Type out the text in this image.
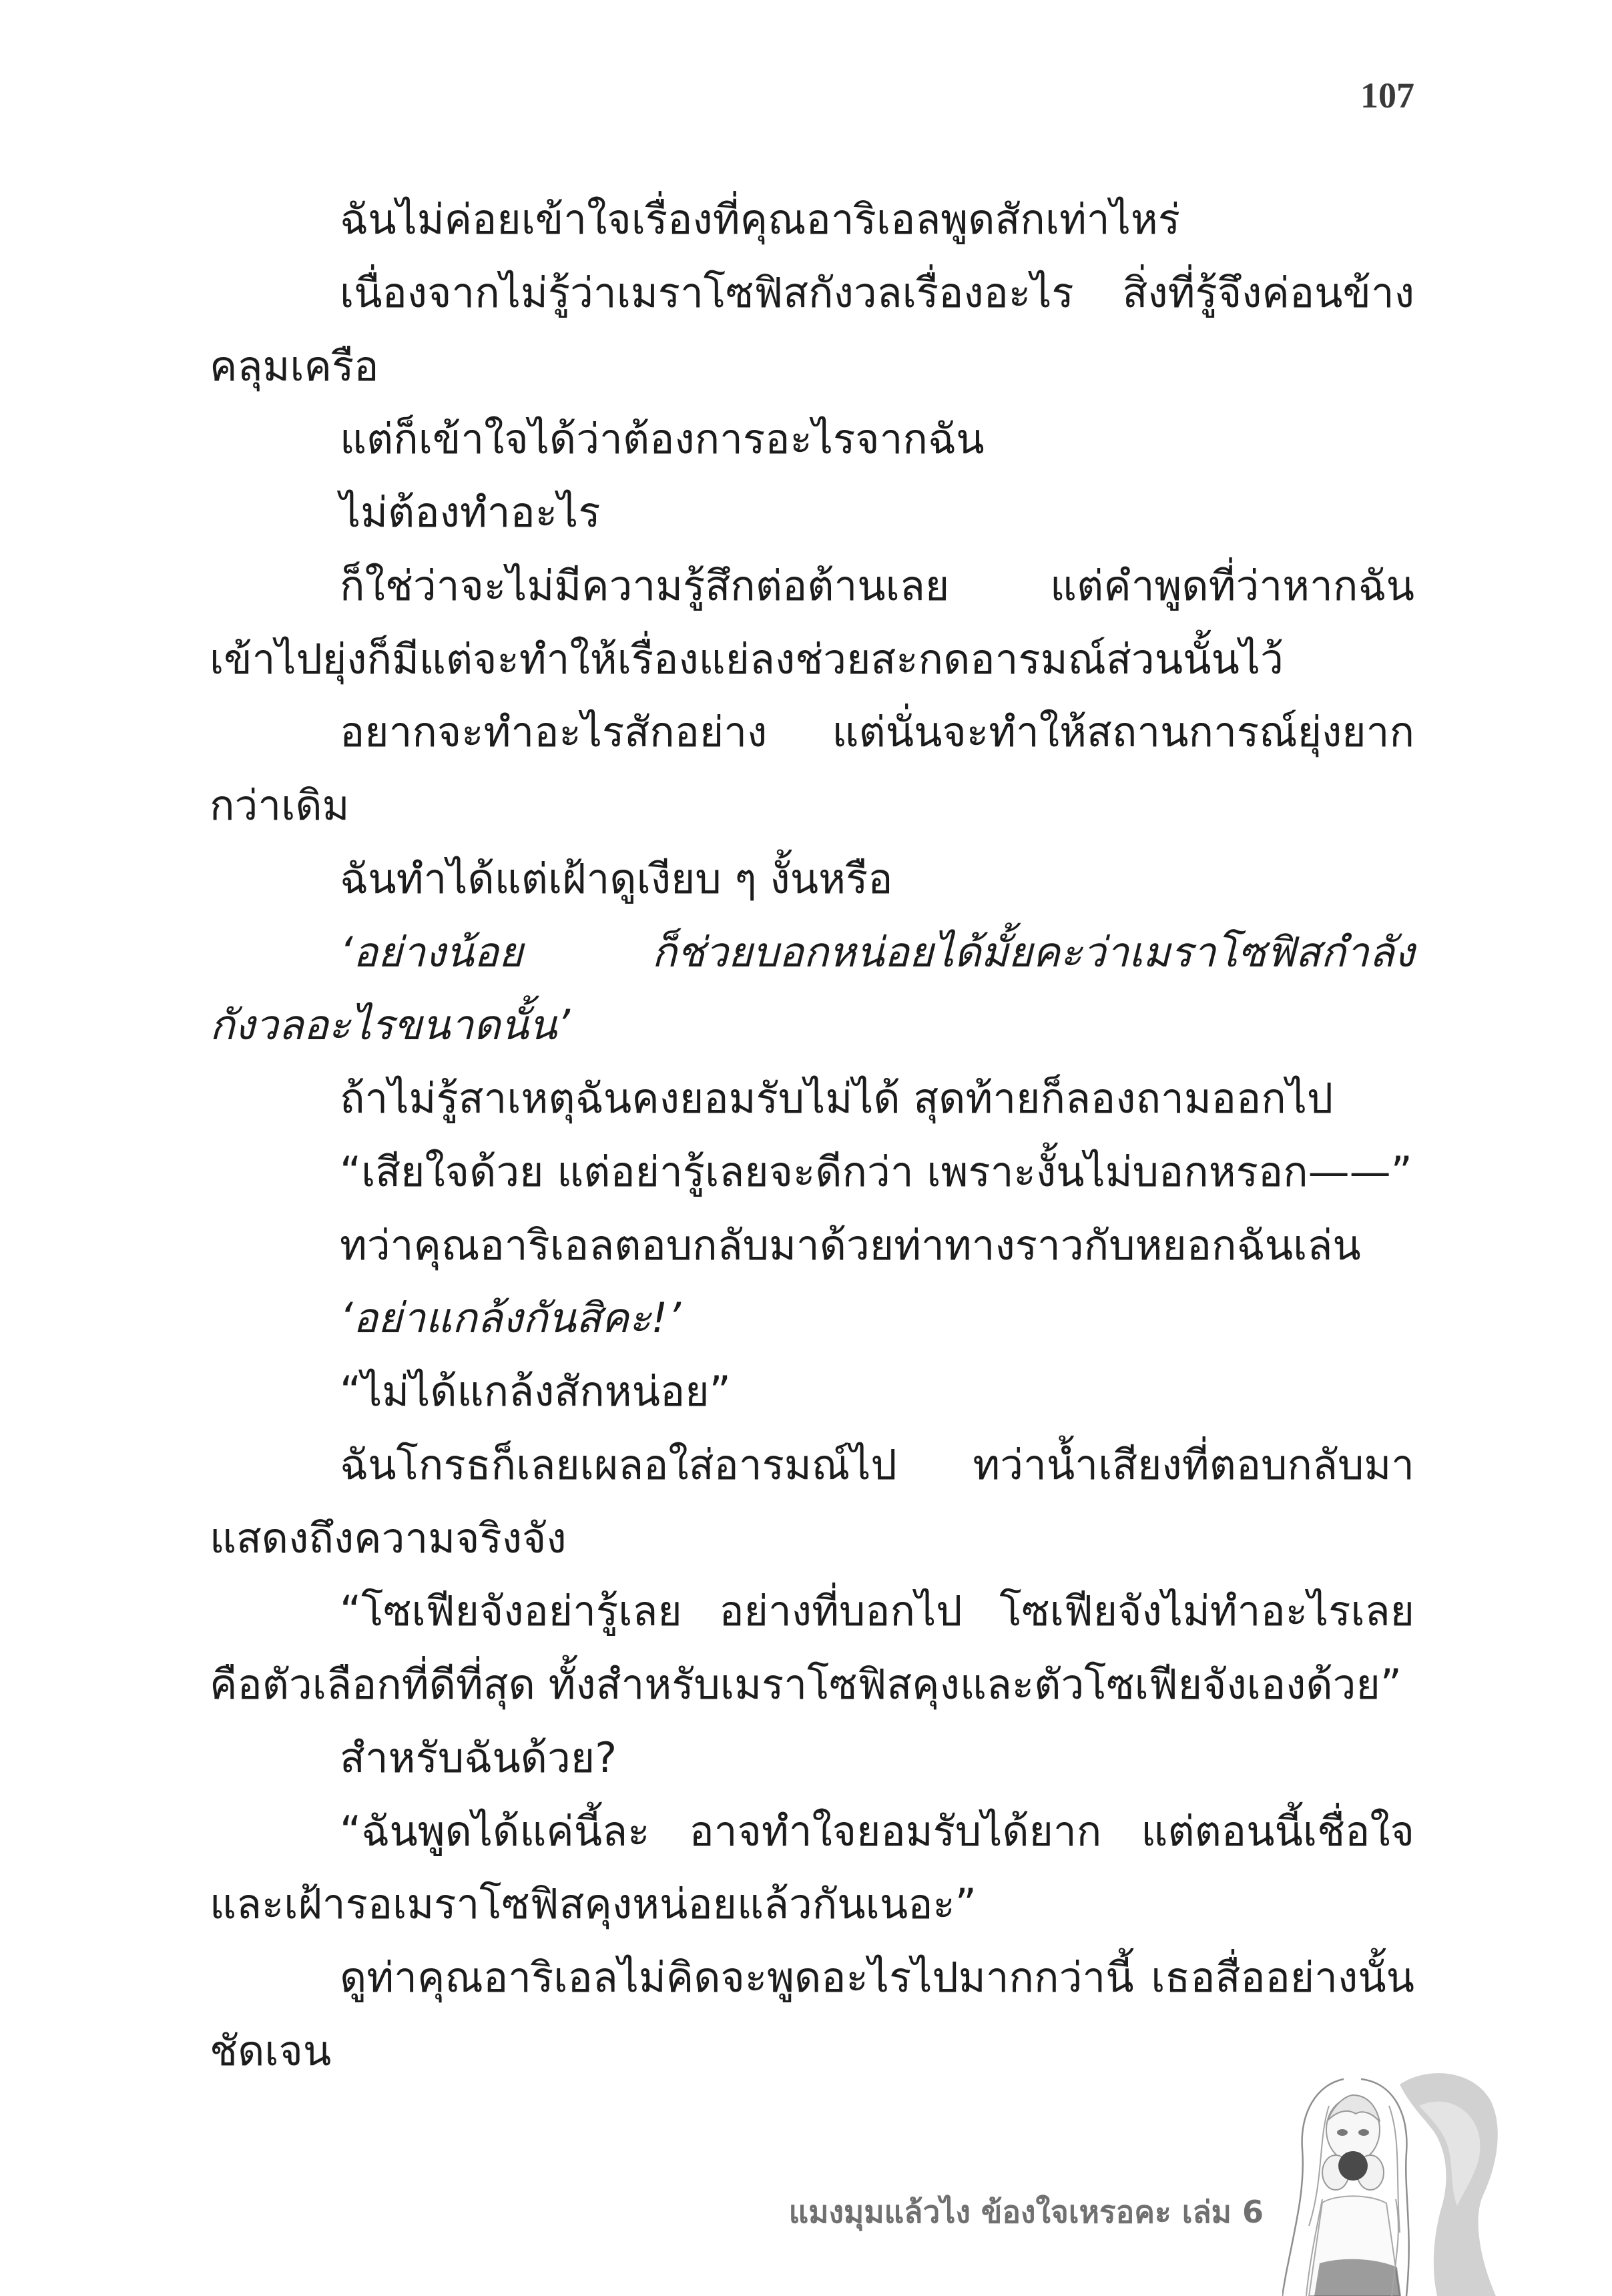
107
ฉันไม่ค่อยเข้าใจเรื่องที่คุณอาริเอลพูดสักเท่าไหร่
เนื่องจากไม่รู้ว่าเมราโซฟิสกังวลเรื่องอะไร สิ่งที่รู้จึงค่อนข้าง
คลุมเครือ
แต่ก็เข้าใจได้ว่าต้องการอะไรจากฉัน
ไม่ต้องทำอะไร
ก็ใช่ว่าจะไม่มีความรู้สึกต่อต้านเลย แต่คำพูดที่ว่าหากฉัน
เข้าไปยุ่งก็มีแต่จะทำให้เรื่องแย่ลงช่วยสะกดอารมณ์ส่วนนั้นไว้
อยากจะทำอะไรสักอย่าง แต่นั่นจะทำให้สถานการณ์ยุ่งยาก
กว่าเดิม
ฉันทำได้แต่เฝ้าดูเงียบ ๆ งั้นหรือ
‘อย่างน้อย ก็ช่วยบอกหน่อยได้มั้ยคะว่าเมราโซฟิสกำลัง
กังวลอะไรขนาดนั้น’
ถ้าไม่รู้สาเหตุฉันคงยอมรับไม่ได้ สุดท้ายก็ลองถามออกไป
“เสียใจด้วย แต่อย่ารู้เลยจะดีกว่า เพราะงั้นไม่บอกหรอก——”
ทว่าคุณอาริเอลตอบกลับมาด้วยท่าทางราวกับหยอกฉันเล่น
‘อย่าแกล้งกันสิคะ!’
“ไม่ได้แกล้งสักหน่อย”
ฉันโกรธก็เลยเผลอใส่อารมณ์ไป ทว่าน้ำเสียงที่ตอบกลับมา
แสดงถึงความจริงจัง
“โซเฟียจังอย่ารู้เลย อย่างที่บอกไป โซเฟียจังไม่ทำอะไรเลย
คือตัวเลือกที่ดีที่สุด ทั้งสำหรับเมราโซฟิสคุงและตัวโซเฟียจังเองด้วย”
สำหรับฉันด้วย?
“ฉันพูดได้แค่นี้ละ อาจทำใจยอมรับได้ยาก แต่ตอนนี้เชื่อใจ
และเฝ้ารอเมราโซฟิสคุงหน่อยแล้วกันเนอะ”
ดูท่าคุณอาริเอลไม่คิดจะพูดอะไรไปมากกว่านี้ เธอสื่ออย่างนั้น
ชัดเจน
แมงมุมแล้วไง ข้องใจเหรอคะ เล่ม 6
